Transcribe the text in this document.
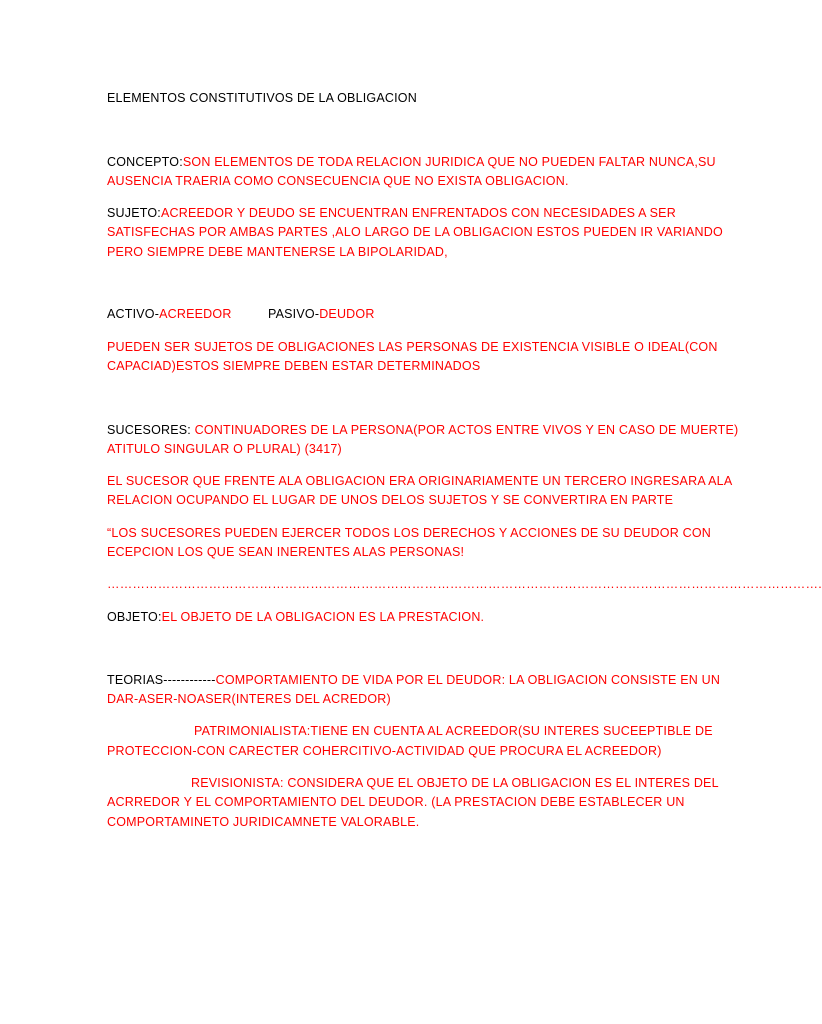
ELEMENTOS CONSTITUTIVOS DE LA OBLIGACION
CONCEPTO:SON ELEMENTOS DE TODA RELACION JURIDICA QUE NO PUEDEN FALTAR NUNCA,SU
AUSENCIA TRAERIA COMO CONSECUENCIA QUE NO EXISTA OBLIGACION.
SUJETO:ACREEDOR Y DEUDO SE ENCUENTRAN ENFRENTADOS CON NECESIDADES A SER
SATISFECHAS POR AMBAS PARTES ,ALO LARGO DE LA OBLIGACION ESTOS PUEDEN IR VARIANDO
PERO SIEMPRE DEBE MANTENERSE LA BIPOLARIDAD,
ACTIVO-ACREEDOR	PASIVO-DEUDOR
PUEDEN SER SUJETOS DE OBLIGACIONES LAS PERSONAS DE EXISTENCIA VISIBLE O IDEAL(CON
CAPACIAD)ESTOS SIEMPRE DEBEN ESTAR DETERMINADOS
SUCESORES: CONTINUADORES DE LA PERSONA(POR ACTOS ENTRE VIVOS Y EN CASO DE MUERTE)
ATITULO SINGULAR O PLURAL) (3417)
EL SUCESOR QUE FRENTE ALA OBLIGACION ERA ORIGINARIAMENTE UN TERCERO INGRESARA ALA
RELACION OCUPANDO EL LUGAR DE UNOS DELOS SUJETOS Y SE CONVERTIRA EN PARTE
“LOS SUCESORES PUEDEN EJERCER TODOS LOS DERECHOS Y ACCIONES DE SU DEUDOR CON
ECEPCION LOS QUE SEAN INERENTES ALAS PERSONAS!
…………………………………………………………………………………………………………………………………………………….
OBJETO:EL OBJETO DE LA OBLIGACION ES LA PRESTACION.
TEORIAS------------COMPORTAMIENTO DE VIDA POR EL DEUDOR: LA OBLIGACION CONSISTE EN UN
DAR-ASER-NOASER(INTERES DEL ACREDOR)
PATRIMONIALISTA:TIENE EN CUENTA AL ACREEDOR(SU INTERES SUCEEPTIBLE DE
PROTECCION-CON CARECTER COHERCITIVO-ACTIVIDAD QUE PROCURA EL ACREEDOR)
REVISIONISTA: CONSIDERA QUE EL OBJETO DE LA OBLIGACION ES EL INTERES DEL
ACRREDOR Y EL COMPORTAMIENTO DEL DEUDOR. (LA PRESTACION DEBE ESTABLECER UN
COMPORTAMINETO JURIDICAMNETE VALORABLE.
